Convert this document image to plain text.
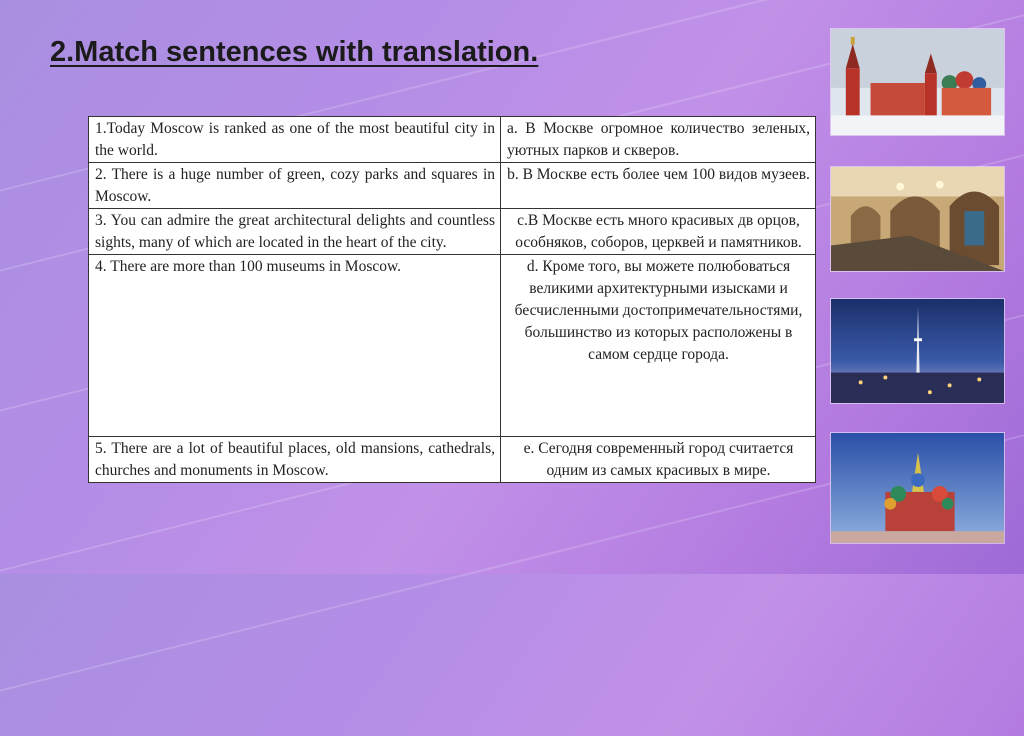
2.Match sentences with translation.
1.Today Moscow is ranked as one of the most beautiful city in the world.	a. В Москве огромное количество зеленых, уютных парков и скверов.
2. There is a huge number of green, cozy parks and squares in Moscow.	b. В Москве есть более чем 100 видов музеев.
3. You can admire the great architectural delights and countless sights, many of which are located in the heart of the city.	c.В Москве есть много красивых дв орцов, особняков, соборов, церквей и памятников.
4. There are more than 100 museums in Moscow.	d. Кроме того, вы можете полюбоваться великими архитектурными изысками и бесчисленными достопримечательностями, большинство из которых расположены в самом сердце города.
5. There are a lot of beautiful places, old mansions, cathedrals, churches and monuments in Moscow.	e. Сегодня современный город считается одним из самых красивых в мире.
